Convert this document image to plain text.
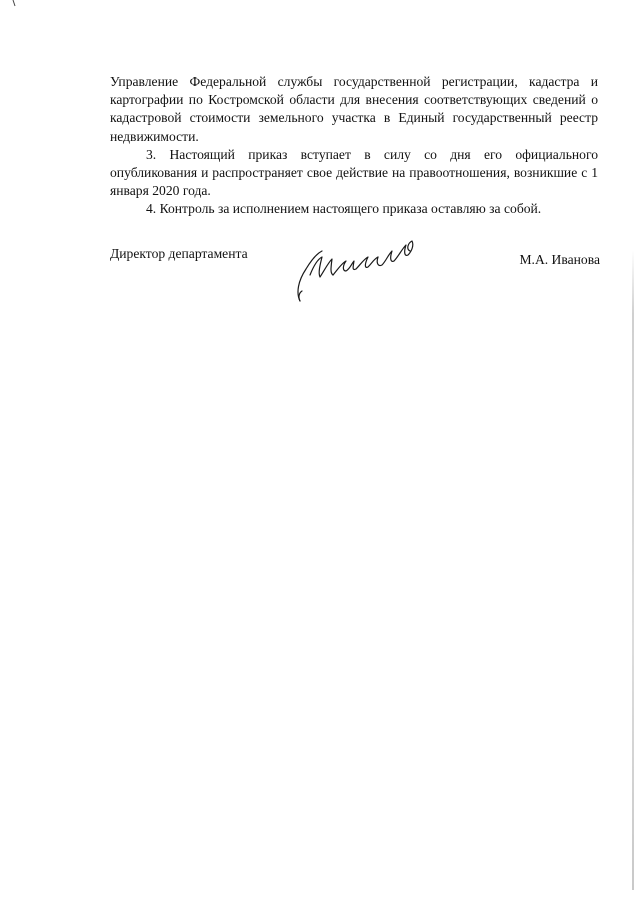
Управление Федеральной службы государственной регистрации, кадастра и картографии по Костромской области для внесения соответствующих сведений о кадастровой стоимости земельного участка в Единый государственный реестр недвижимости.

3. Настоящий приказ вступает в силу со дня его официального опубликования и распространяет свое действие на правоотношения, возникшие с 1 января 2020 года.

4. Контроль за исполнением настоящего приказа оставляю за собой.

Директор департамента	М.А. Иванова
